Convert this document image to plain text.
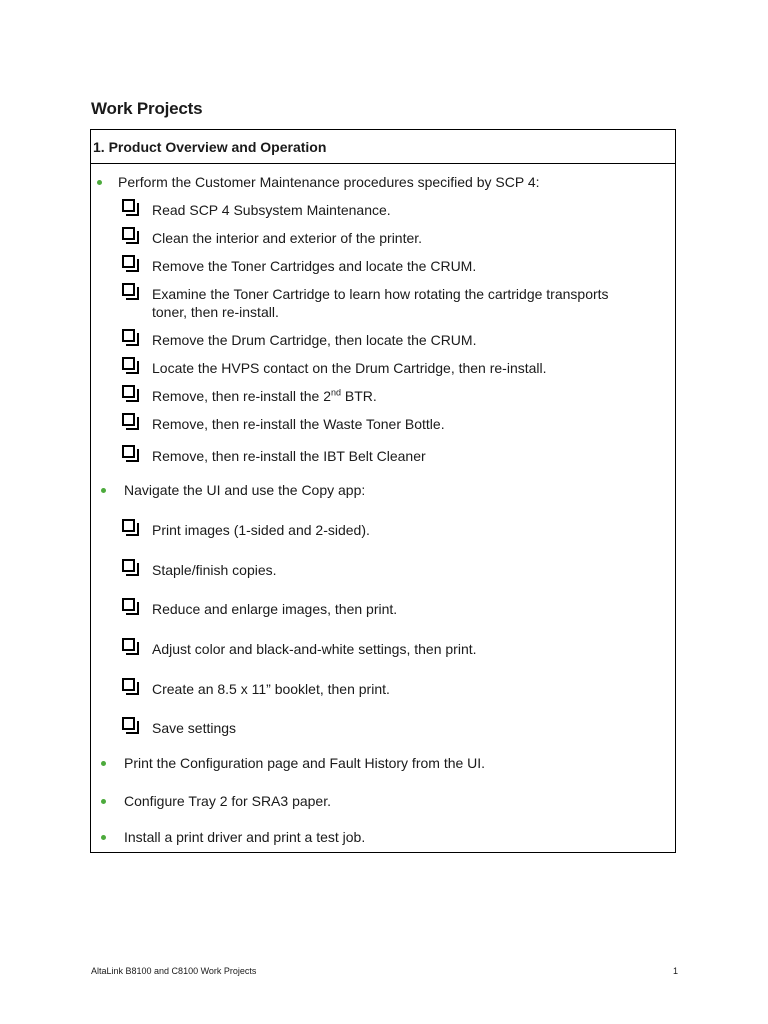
Work Projects
1. Product Overview and Operation
Perform the Customer Maintenance procedures specified by SCP 4:
Read SCP 4 Subsystem Maintenance.
Clean the interior and exterior of the printer.
Remove the Toner Cartridges and locate the CRUM.
Examine the Toner Cartridge to learn how rotating the cartridge transports
toner, then re-install.
Remove the Drum Cartridge, then locate the CRUM.
Locate the HVPS contact on the Drum Cartridge, then re-install.
Remove, then re-install the 2nd BTR.
Remove, then re-install the Waste Toner Bottle.
Remove, then re-install the IBT Belt Cleaner
Navigate the UI and use the Copy app:
Print images (1-sided and 2-sided).
Staple/finish copies.
Reduce and enlarge images, then print.
Adjust color and black-and-white settings, then print.
Create an 8.5 x 11” booklet, then print.
Save settings
Print the Configuration page and Fault History from the UI.
Configure Tray 2 for SRA3 paper.
Install a print driver and print a test job.
AltaLink B8100 and C8100 Work Projects	1
